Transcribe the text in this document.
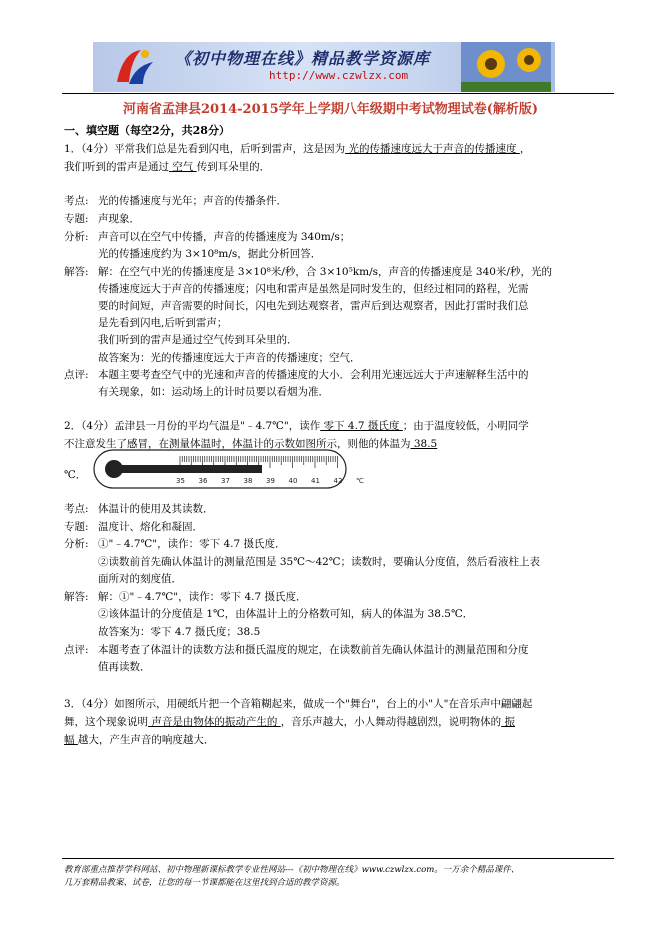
《初中物理在线》精品教学资源库
http://www.czwlzx.com
河南省孟津县2014-2015学年上学期八年级期中考试物理试卷(解析版)
一、填空题（每空2分，共28分）
1．（4分）平常我们总是先看到闪电，后听到雷声，这是因为 光的传播速度远大于声音的传播速度 ，
我们听到的雷声是通过 空气 传到耳朵里的．
考点: 光的传播速度与光年；声音的传播条件．
专题: 声现象．
分析: 声音可以在空气中传播，声音的传播速度为 340m/s；
光的传播速度约为 3×10⁸m/s，据此分析回答．
解答: 解：在空气中光的传播速度是 3×10⁸米/秒，合 3×10⁵km/s，声音的传播速度是 340米/秒，光的
传播速度远大于声音的传播速度；闪电和雷声是虽然是同时发生的，但经过相同的路程，光需
要的时间短，声音需要的时间长，闪电先到达观察者，雷声后到达观察者，因此打雷时我们总
是先看到闪电,后听到雷声；
我们听到的雷声是通过空气传到耳朵里的．
故答案为：光的传播速度远大于声音的传播速度；空气．
点评: 本题主要考查空气中的光速和声音的传播速度的大小．会利用光速远远大于声速解释生活中的
有关现象，如：运动场上的计时员要以看烟为准．
2．（4分）孟津县一月份的平均气温是"﹣4.7℃"，读作 零下 4.7 摄氏度 ；由于温度较低，小明同学
不注意发生了感冒，在测量体温时，体温计的示数如图所示，则他的体温为 38.5
35 36 37 38 39 40 41 42 ℃
℃．
考点: 体温计的使用及其读数．
专题: 温度计、熔化和凝固．
分析: ①"﹣4.7℃"，读作：零下 4.7 摄氏度．
②读数前首先确认体温计的测量范围是 35℃～42℃；读数时，要确认分度值，然后看液柱上表
面所对的刻度值．
解答: 解：①"﹣4.7℃"，读作：零下 4.7 摄氏度．
②该体温计的分度值是 1℃，由体温计上的分格数可知，病人的体温为 38.5℃．
故答案为：零下 4.7 摄氏度；38.5
点评: 本题考查了体温计的读数方法和摄氏温度的规定，在读数前首先确认体温计的测量范围和分度
值再读数．
3．（4分）如图所示，用硬纸片把一个音箱糊起来，做成一个"舞台"，台上的小"人"在音乐声中翩翩起
舞，这个现象说明 声音是由物体的振动产生的 ，音乐声越大，小人舞动得越剧烈，说明物体的 振
幅 越大，产生声音的响度越大．
教育部重点推荐学科网站、初中物理新课标教学专业性网站---《初中物理在线》www.czwlzx.com。一万余个精品课件、
几万套精品教案、试卷，让您的每一节课都能在这里找到合适的教学资源。
